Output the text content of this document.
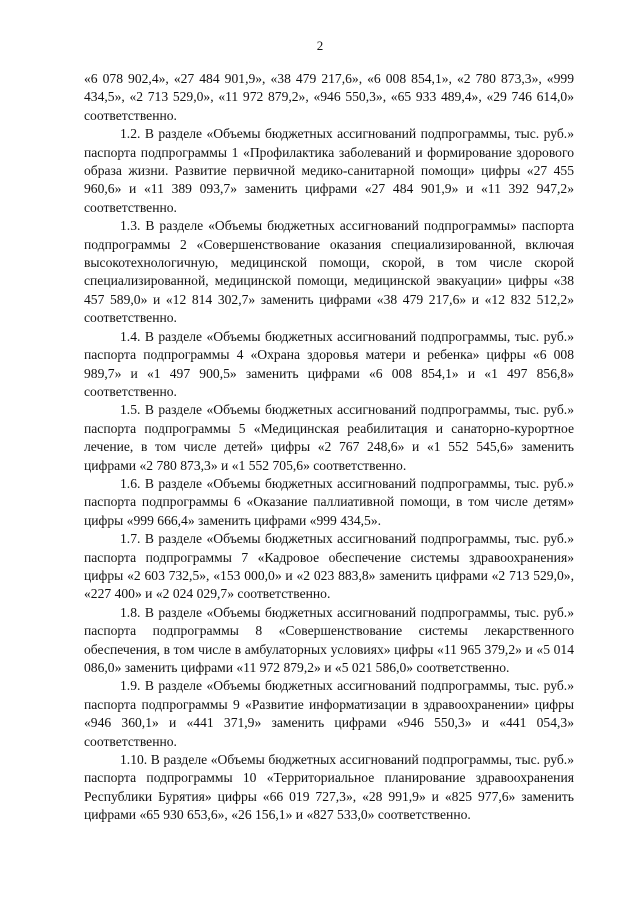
2

«6 078 902,4», «27 484 901,9», «38 479 217,6», «6 008 854,1», «2 780 873,3», «999 434,5», «2 713 529,0», «11 972 879,2», «946 550,3», «65 933 489,4», «29 746 614,0» соответственно.

1.2. В разделе «Объемы бюджетных ассигнований подпрограммы, тыс. руб.» паспорта подпрограммы 1 «Профилактика заболеваний и формирование здорового образа жизни. Развитие первичной медико-санитарной помощи» цифры «27 455 960,6» и «11 389 093,7» заменить цифрами «27 484 901,9» и «11 392 947,2» соответственно.

1.3. В разделе «Объемы бюджетных ассигнований подпрограммы» паспорта подпрограммы 2 «Совершенствование оказания специализированной, включая высокотехнологичную, медицинской помощи, скорой, в том числе скорой специализированной, медицинской помощи, медицинской эвакуации» цифры «38 457 589,0» и «12 814 302,7» заменить цифрами «38 479 217,6» и «12 832 512,2» соответственно.

1.4. В разделе «Объемы бюджетных ассигнований подпрограммы, тыс. руб.» паспорта подпрограммы 4 «Охрана здоровья матери и ребенка» цифры «6 008 989,7» и «1 497 900,5» заменить цифрами «6 008 854,1» и «1 497 856,8» соответственно.

1.5. В разделе «Объемы бюджетных ассигнований подпрограммы, тыс. руб.» паспорта подпрограммы 5 «Медицинская реабилитация и санаторно-курортное лечение, в том числе детей» цифры «2 767 248,6» и «1 552 545,6» заменить цифрами «2 780 873,3» и «1 552 705,6» соответственно.

1.6. В разделе «Объемы бюджетных ассигнований подпрограммы, тыс. руб.» паспорта подпрограммы 6 «Оказание паллиативной помощи, в том числе детям» цифры «999 666,4» заменить цифрами «999 434,5».

1.7. В разделе «Объемы бюджетных ассигнований подпрограммы, тыс. руб.» паспорта подпрограммы 7 «Кадровое обеспечение системы здравоохранения» цифры «2 603 732,5», «153 000,0» и «2 023 883,8» заменить цифрами «2 713 529,0», «227 400» и «2 024 029,7» соответственно.

1.8. В разделе «Объемы бюджетных ассигнований подпрограммы, тыс. руб.» паспорта подпрограммы 8 «Совершенствование системы лекарственного обеспечения, в том числе в амбулаторных условиях» цифры «11 965 379,2» и «5 014 086,0» заменить цифрами «11 972 879,2» и «5 021 586,0» соответственно.

1.9. В разделе «Объемы бюджетных ассигнований подпрограммы, тыс. руб.» паспорта подпрограммы 9 «Развитие информатизации в здравоохранении» цифры «946 360,1» и «441 371,9» заменить цифрами «946 550,3» и «441 054,3» соответственно.

1.10. В разделе «Объемы бюджетных ассигнований подпрограммы, тыс. руб.» паспорта подпрограммы 10 «Территориальное планирование здравоохранения Республики Бурятия» цифры «66 019 727,3», «28 991,9» и «825 977,6» заменить цифрами «65 930 653,6», «26 156,1» и «827 533,0» соответственно.
